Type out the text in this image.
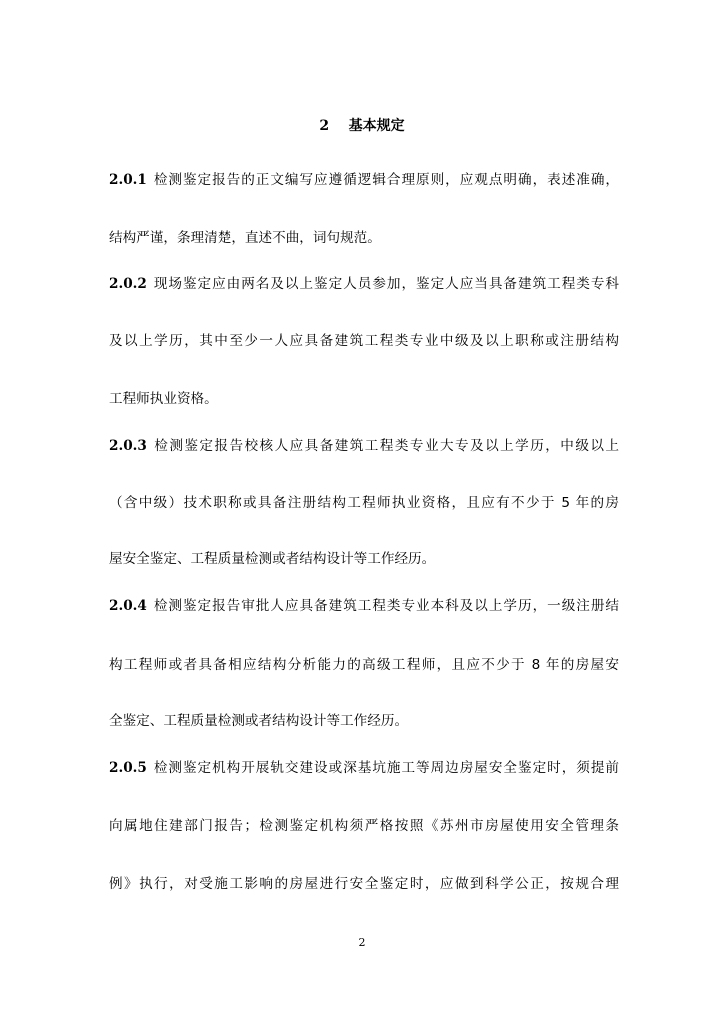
2 基本规定
2.0.1 检测鉴定报告的正文编写应遵循逻辑合理原则，应观点明确，表述准确，
结构严谨，条理清楚，直述不曲，词句规范。
2.0.2 现场鉴定应由两名及以上鉴定人员参加，鉴定人应当具备建筑工程类专科
及以上学历，其中至少一人应具备建筑工程类专业中级及以上职称或注册结构
工程师执业资格。
2.0.3 检测鉴定报告校核人应具备建筑工程类专业大专及以上学历，中级以上
（含中级）技术职称或具备注册结构工程师执业资格，且应有不少于 5 年的房
屋安全鉴定、工程质量检测或者结构设计等工作经历。
2.0.4 检测鉴定报告审批人应具备建筑工程类专业本科及以上学历，一级注册结
构工程师或者具备相应结构分析能力的高级工程师，且应不少于 8 年的房屋安
全鉴定、工程质量检测或者结构设计等工作经历。
2.0.5 检测鉴定机构开展轨交建设或深基坑施工等周边房屋安全鉴定时，须提前
向属地住建部门报告；检测鉴定机构须严格按照《苏州市房屋使用安全管理条
例》执行，对受施工影响的房屋进行安全鉴定时，应做到科学公正，按规合理
2
